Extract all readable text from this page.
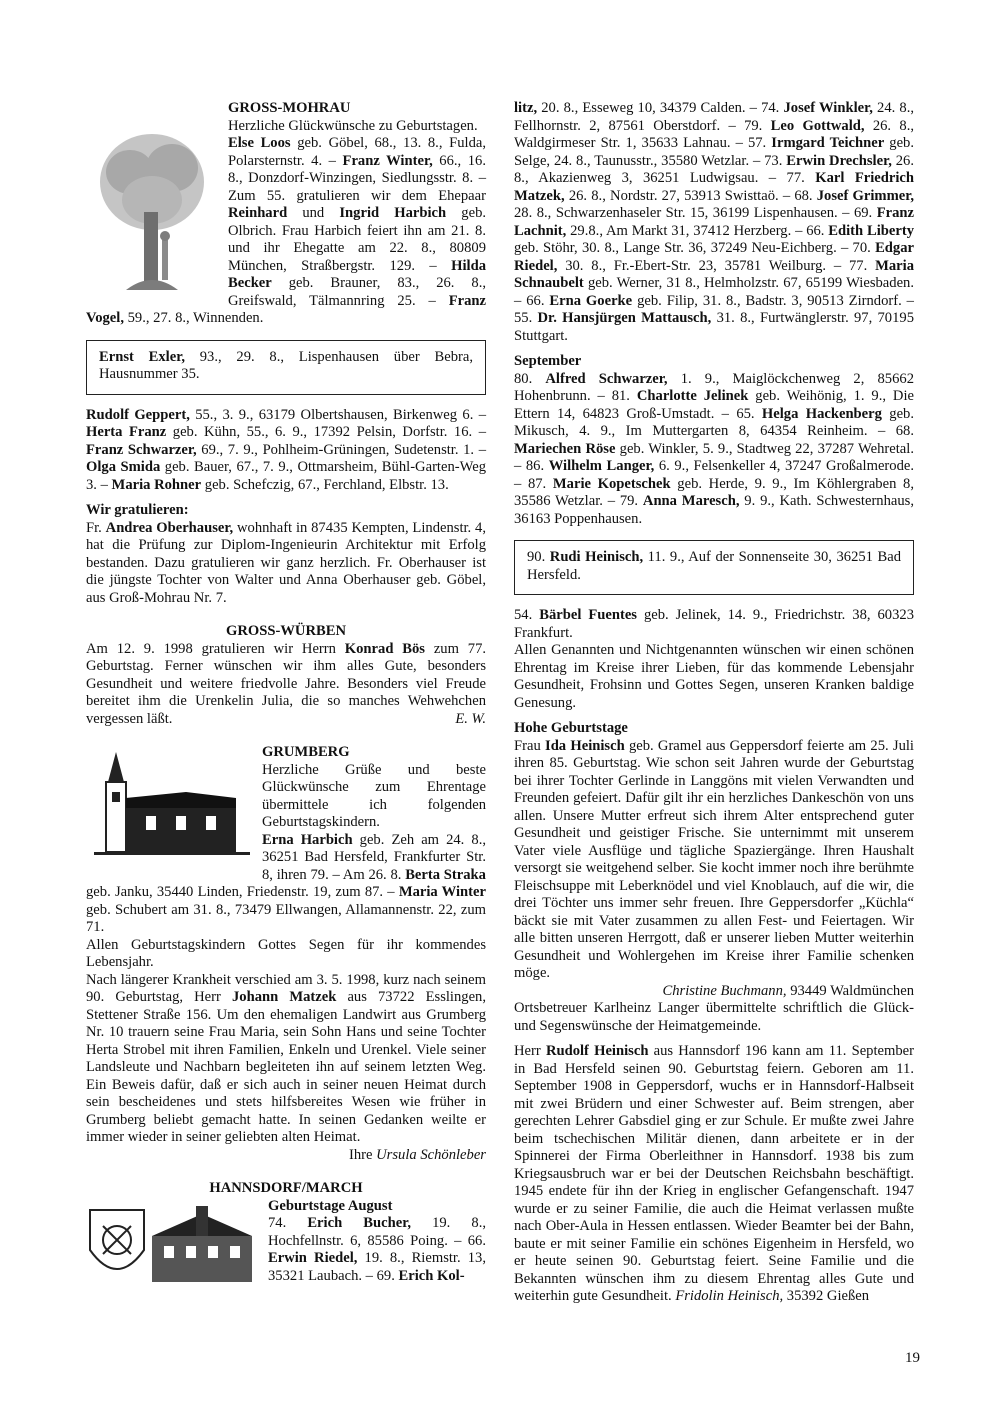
GROSS-MOHRAU

Herzliche Glückwünsche zu Geburtstagen.
Else Loos geb. Göbel, 68., 13. 8., Fulda, Polarsternstr. 4. – Franz Winter, 66., 16. 8., Donzdorf-Winzingen, Siedlungsstr. 8. – Zum 55. gratulieren wir dem Ehepaar Reinhard und Ingrid Harbich geb. Olbrich. Frau Harbich feiert ihn am 21. 8. und ihr Ehegatte am 22. 8., 80809 München, Straßbergstr. 129. – Hilda Becker geb. Brauner, 83., 26. 8., Greifswald, Tälmannring 25. – Franz Vogel, 59., 27. 8., Winnenden.

Ernst Exler, 93., 29. 8., Lispenhausen über Bebra, Hausnummer 35.

Rudolf Geppert, 55., 3. 9., 63179 Olbertshausen, Birkenweg 6. – Herta Franz geb. Kühn, 55., 6. 9., 17392 Pelsin, Dorfstr. 16. – Franz Schwarzer, 69., 7. 9., Pohlheim-Grüningen, Sudetenstr. 1. – Olga Smida geb. Bauer, 67., 7. 9., Ottmarsheim, Bühl-Garten-Weg 3. – Maria Rohner geb. Schefczig, 67., Ferchland, Elbstr. 13.

Wir gratulieren:

Fr. Andrea Oberhauser, wohnhaft in 87435 Kempten, Lindenstr. 4, hat die Prüfung zur Diplom-Ingenieurin Architektur mit Erfolg bestanden. Dazu gratulieren wir ganz herzlich. Fr. Oberhauser ist die jüngste Tochter von Walter und Anna Oberhauser geb. Göbel, aus Groß-Mohrau Nr. 7.

GROSS-WÜRBEN

Am 12. 9. 1998 gratulieren wir Herrn Konrad Bös zum 77. Geburtstag. Ferner wünschen wir ihm alles Gute, besonders Gesundheit und weitere friedvolle Jahre. Besonders viel Freude bereitet ihm die Urenkelin Julia, die so manches Wehwehchen vergessen läßt.	E. W.

GRUMBERG

Herzliche Grüße und beste Glückwünsche zum Ehrentage übermittele ich folgenden Geburtstagskindern.
Erna Harbich geb. Zeh am 24. 8., 36251 Bad Hersfeld, Frankfurter Str. 8, ihren 79. – Am 26. 8. Berta Straka geb. Janku, 35440 Linden, Friedenstr. 19, zum 87. – Maria Winter geb. Schubert am 31. 8., 73479 Ellwangen, Allamannenstr. 22, zum 71.

Allen Geburtstagskindern Gottes Segen für ihr kommendes Lebensjahr.

Nach längerer Krankheit verschied am 3. 5. 1998, kurz nach seinem 90. Geburtstag, Herr Johann Matzek aus 73722 Esslingen, Stettener Straße 156. Um den ehemaligen Landwirt aus Grumberg Nr. 10 trauern seine Frau Maria, sein Sohn Hans und seine Tochter Herta Strobel mit ihren Familien, Enkeln und Urenkel. Viele seiner Landsleute und Nachbarn begleiteten ihn auf seinem letzten Weg. Ein Beweis dafür, daß er sich auch in seiner neuen Heimat durch sein bescheidenes und stets hilfsbereites Wesen wie früher in Grumberg beliebt gemacht hatte. In seinen Gedanken weilte er immer wieder in seiner geliebten alten Heimat.

Ihre Ursula Schönleber

HANNSDORF/MARCH

Geburtstage August

74. Erich Bucher, 19. 8., Hochfellnstr. 6, 85586 Poing. – 66. Erwin Riedel, 19. 8., Riemstr. 13, 35321 Laubach. – 69. Erich Kol-

litz, 20. 8., Esseweg 10, 34379 Calden. – 74. Josef Winkler, 24. 8., Fellhornstr. 2, 87561 Oberstdorf. – 79. Leo Gottwald, 26. 8., Waldgirmeser Str. 1, 35633 Lahnau. – 57. Irmgard Teichner geb. Selge, 24. 8., Taunusstr., 35580 Wetzlar. – 73. Erwin Drechsler, 26. 8., Akazienweg 3, 36251 Ludwigsau. – 77. Karl Friedrich Matzek, 26. 8., Nordstr. 27, 53913 Swisttaö. – 68. Josef Grimmer, 28. 8., Schwarzenhaseler Str. 15, 36199 Lispenhausen. – 69. Franz Lachnit, 29.8., Am Markt 31, 37412 Herzberg. – 66. Edith Liberty geb. Stöhr, 30. 8., Lange Str. 36, 37249 Neu-Eichberg. – 70. Edgar Riedel, 30. 8., Fr.-Ebert-Str. 23, 35781 Weilburg. – 77. Maria Schnaubelt geb. Werner, 31 8., Helmholzstr. 67, 65199 Wiesbaden. – 66. Erna Goerke geb. Filip, 31. 8., Badstr. 3, 90513 Zirndorf. – 55. Dr. Hansjürgen Mattausch, 31. 8., Furtwänglerstr. 97, 70195 Stuttgart.

September

80. Alfred Schwarzer, 1. 9., Maiglöckchenweg 2, 85662 Hohenbrunn. – 81. Charlotte Jelinek geb. Weihönig, 1. 9., Die Ettern 14, 64823 Groß-Umstadt. – 65. Helga Hackenberg geb. Mikusch, 4. 9., Im Muttergarten 8, 64354 Reinheim. – 68. Mariechen Röse geb. Winkler, 5. 9., Stadtweg 22, 37287 Wehretal. – 86. Wilhelm Langer, 6. 9., Felsenkeller 4, 37247 Großalmerode. – 87. Marie Kopetschek geb. Herde, 9. 9., Im Köhlergraben 8, 35586 Wetzlar. – 79. Anna Maresch, 9. 9., Kath. Schwesternhaus, 36163 Poppenhausen.

90. Rudi Heinisch, 11. 9., Auf der Sonnenseite 30, 36251 Bad Hersfeld.

54. Bärbel Fuentes geb. Jelinek, 14. 9., Friedrichstr. 38, 60323 Frankfurt.

Allen Genannten und Nichtgenannten wünschen wir einen schönen Ehrentag im Kreise ihrer Lieben, für das kommende Lebensjahr Gesundheit, Frohsinn und Gottes Segen, unseren Kranken baldige Genesung.

Hohe Geburtstage

Frau Ida Heinisch geb. Gramel aus Geppersdorf feierte am 25. Juli ihren 85. Geburtstag. Wie schon seit Jahren wurde der Geburtstag bei ihrer Tochter Gerlinde in Langgöns mit vielen Verwandten und Freunden gefeiert. Dafür gilt ihr ein herzliches Dankeschön von uns allen. Unsere Mutter erfreut sich ihrem Alter entsprechend guter Gesundheit und geistiger Frische. Sie unternimmt mit unserem Vater viele Ausflüge und tägliche Spaziergänge. Ihren Haushalt versorgt sie weitgehend selber. Sie kocht immer noch ihre berühmte Fleischsuppe mit Leberknödel und viel Knoblauch, auf die wir, die drei Töchter uns immer sehr freuen. Ihre Geppersdorfer „Küchla“ bäckt sie mit Vater zusammen zu allen Fest- und Feiertagen. Wir alle bitten unseren Herrgott, daß er unserer lieben Mutter weiterhin Gesundheit und Wohlergehen im Kreise ihrer Familie schenken möge.

Christine Buchmann, 93449 Waldmünchen

Ortsbetreuer Karlheinz Langer übermittelte schriftlich die Glück- und Segenswünsche der Heimatgemeinde.

Herr Rudolf Heinisch aus Hannsdorf 196 kann am 11. September in Bad Hersfeld seinen 90. Geburtstag feiern. Geboren am 11. September 1908 in Geppersdorf, wuchs er in Hannsdorf-Halbseit mit zwei Brüdern und einer Schwester auf. Beim strengen, aber gerechten Lehrer Gabsdiel ging er zur Schule. Er mußte zwei Jahre beim tschechischen Militär dienen, dann arbeitete er in der Spinnerei der Firma Oberleithner in Hannsdorf. 1938 bis zum Kriegsausbruch war er bei der Deutschen Reichsbahn beschäftigt. 1945 endete für ihn der Krieg in englischer Gefangenschaft. 1947 wurde er zu seiner Familie, die auch die Heimat verlassen mußte nach Ober-Aula in Hessen entlassen. Wieder Beamter bei der Bahn, baute er mit seiner Familie ein schönes Eigenheim in Hersfeld, wo er heute seinen 90. Geburtstag feiert. Seine Familie und die Bekannten wünschen ihm zu diesem Ehrentag alles Gute und weiterhin gute Gesundheit. Fridolin Heinisch, 35392 Gießen

19
